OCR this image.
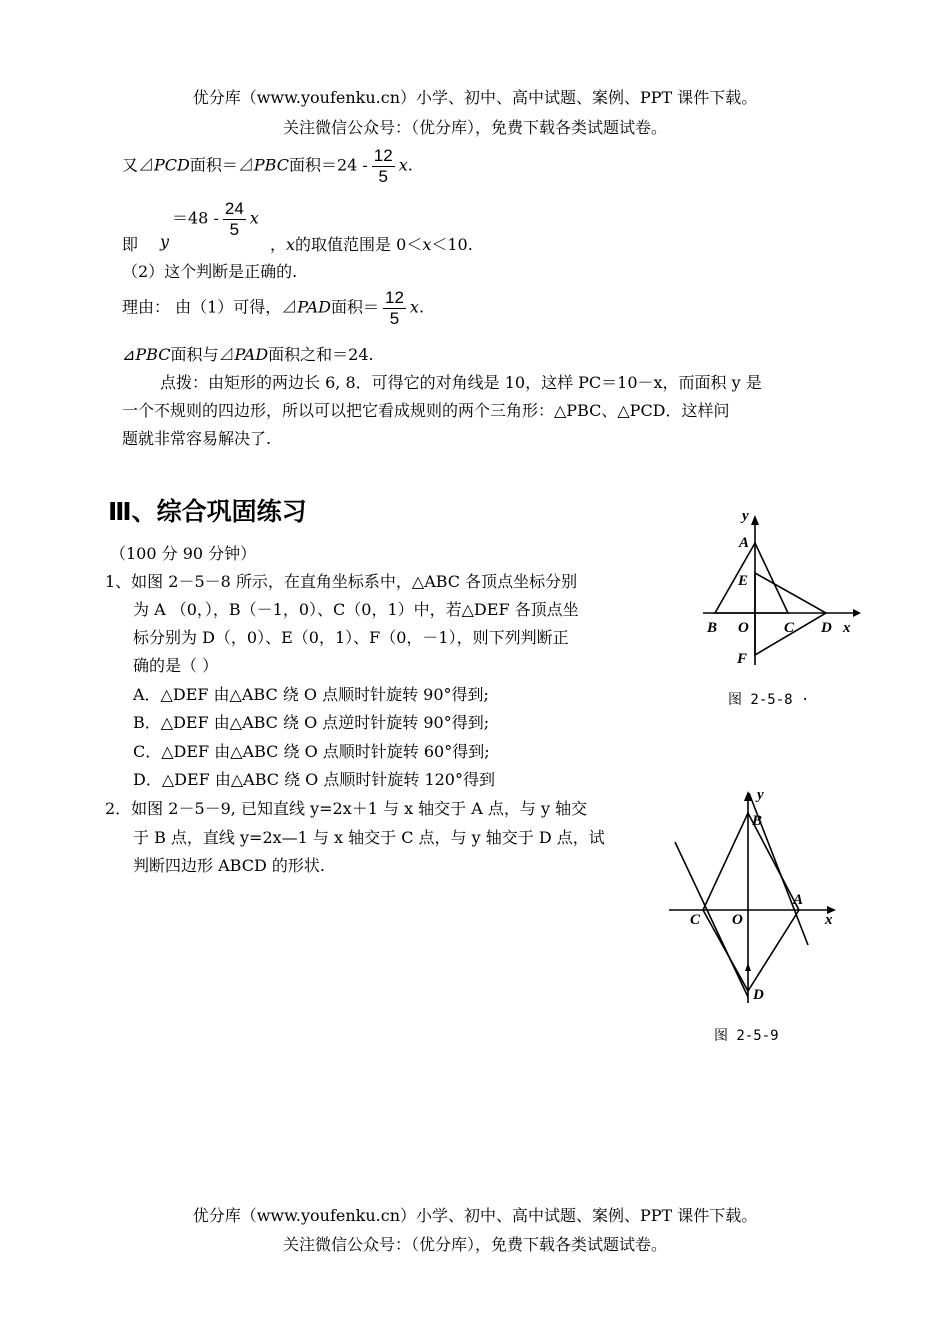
优分库（www.youfenku.cn）小学、初中、高中试题、案例、PPT 课件下载。
关注微信公众号：（优分库），免费下载各类试题试卷。
又⊿PCD面积＝⊿PBC面积$=24 - \frac{12}{5} x$.
即 y
$=48 - \frac{24}{5}$ x
，x的取值范围是 0＜x＜10.
（2）这个判断是正确的.
理由： 由（1）可得，⊿PAD面积＝ $\frac{12}{5} x$.
⊿PBC面积与⊿PAD面积之和＝24.
点拨：由矩形的两边长 6, 8．可得它的对角线是 10，这样 PC＝10－x，而面积 y 是
一个不规则的四边形，所以可以把它看成规则的两个三角形：△PBC、△PCD．这样问
题就非常容易解决了.
Ⅲ、综合巩固练习
（100 分 90 分钟）
1、如图 2－5－8 所示，在直角坐标系中，△ABC 各顶点坐标分别
为 A （0，），B（－1，0）、C（0，1）中，若△DEF 各顶点坐
标分别为 D（，0）、E（0，1）、F（0，－1），则下列判断正
确的是（ ）
A．△DEF 由△ABC 绕 O 点顺时针旋转 90°得到;
B．△DEF 由△ABC 绕 O 点逆时针旋转 90°得到;
C．△DEF 由△ABC 绕 O 点顺时针旋转 60°得到;
D．△DEF 由△ABC 绕 O 点顺时针旋转 120°得到
2．如图 2－5－9, 已知直线 y=2x＋1 与 x 轴交于 A 点，与 y 轴交
于 B 点，直线 y=2x—1 与 x 轴交于 C 点，与 y 轴交于 D 点，试
判断四边形 ABCD 的形状.
y
A
E
B O C D x
F
图 2-5-8 ·
y
B
A
C O	x
D
图 2-5-9
优分库（www.youfenku.cn）小学、初中、高中试题、案例、PPT 课件下载。
关注微信公众号：（优分库），免费下载各类试题试卷。
